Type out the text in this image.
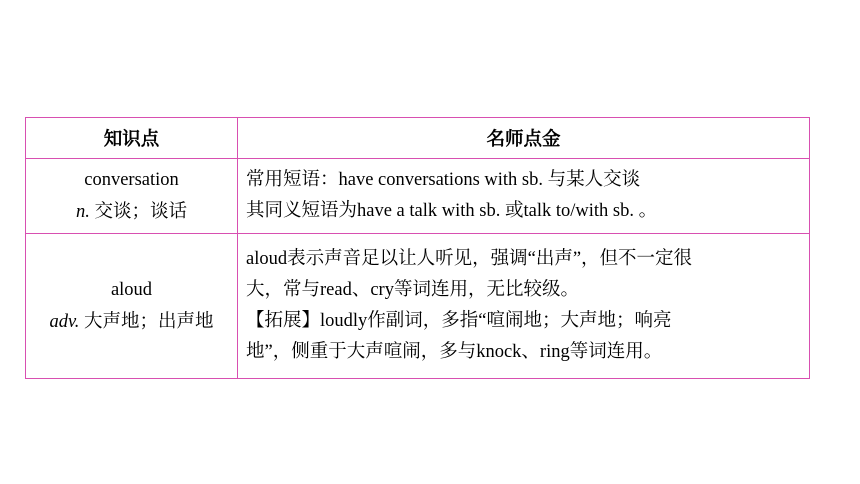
知识点	名师点金

conversation
n. 交谈；谈话	常用短语：have conversations with sb. 与某人交谈
其同义短语为have a talk with sb. 或talk to/with sb. 。

aloud
adv. 大声地；出声地	aloud表示声音足以让人听见，强调“出声”，但不一定很
大，常与read、cry等词连用，无比较级。
【拓展】loudly作副词，多指“喧闹地；大声地；响亮
地”，侧重于大声喧闹，多与knock、ring等词连用。
